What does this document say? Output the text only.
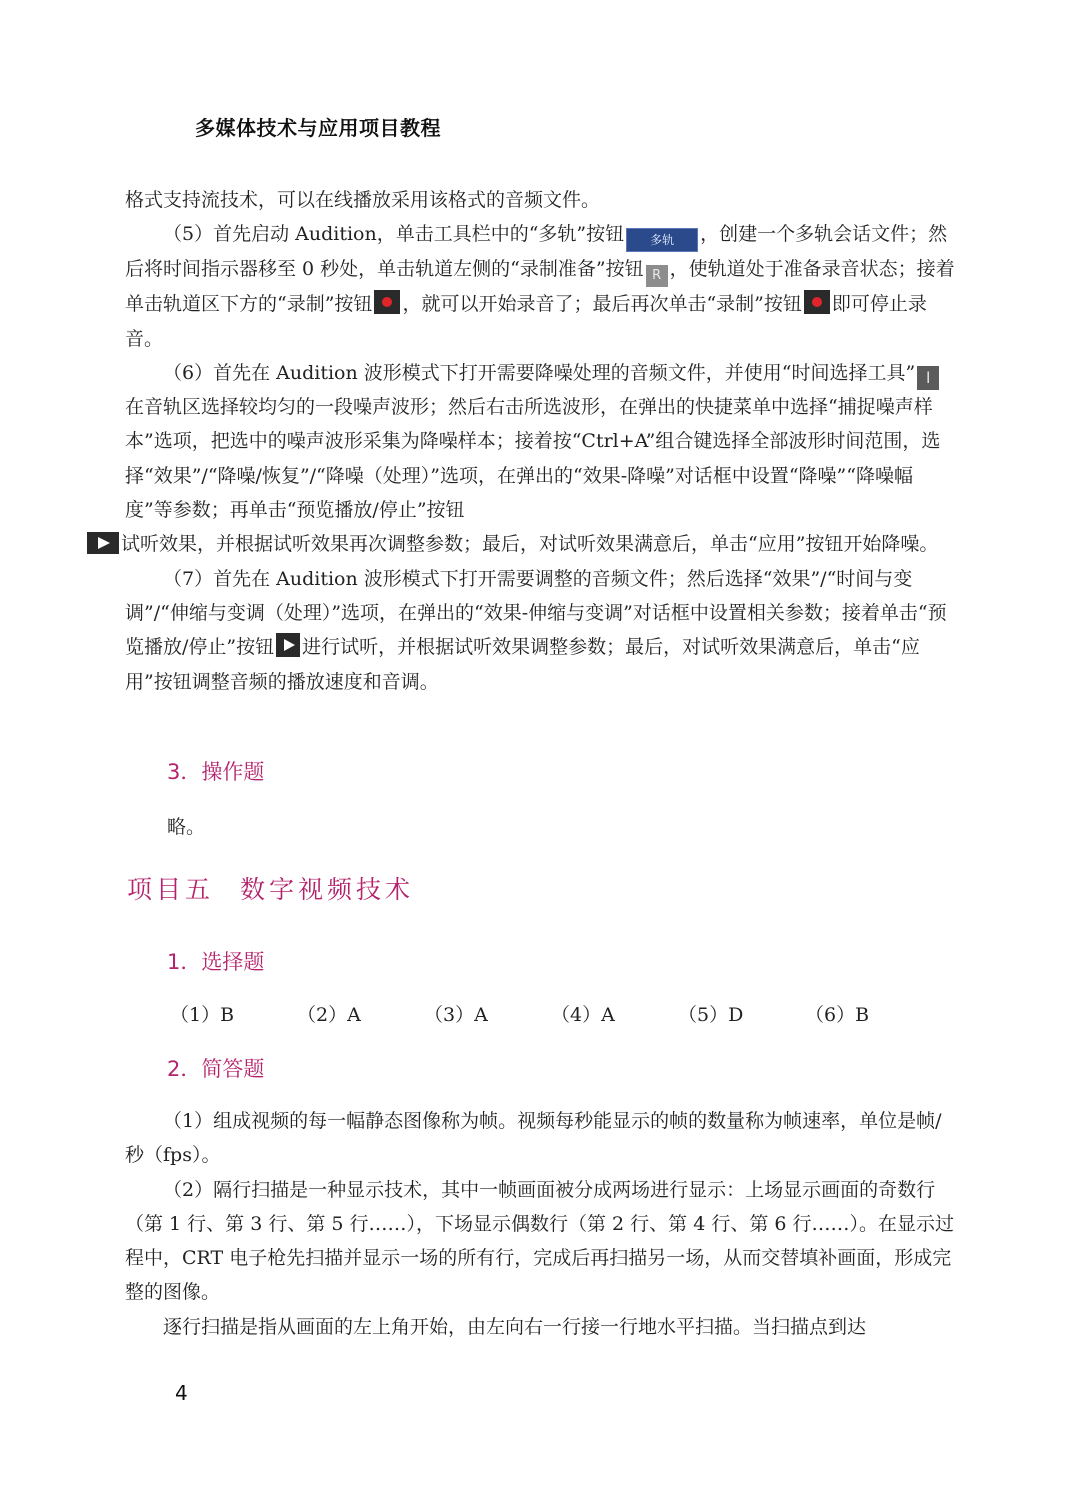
多媒体技术与应用项目教程

格式支持流技术，可以在线播放采用该格式的音频文件。

（5）首先启动 Audition，单击工具栏中的“多轨”按钮 多轨 ，创建一个多轨会话文件；然后将时间指示器移至 0 秒处，单击轨道左侧的“录制准备”按钮 R ，使轨道处于准备录音状态；接着单击轨道区下方的“录制”按钮 ，就可以开始录音了；最后再次单击“录制”按钮 即可停止录音。

（6）首先在 Audition 波形模式下打开需要降噪处理的音频文件，并使用“时间选择工具” I在音轨区选择较均匀的一段噪声波形；然后右击所选波形，在弹出的快捷菜单中选择“捕捉噪声样本”选项，把选中的噪声波形采集为降噪样本；接着按“Ctrl+A”组合键选择全部波形时间范围，选择“效果”/“降噪/恢复”/“降噪（处理）”选项，在弹出的“效果-降噪”对话框中设置“降噪”“降噪幅度”等参数；再单击“预览播放/停止”按钮
试听效果，并根据试听效果再次调整参数；最后，对试听效果满意后，单击“应用”按钮开始降噪。

（7）首先在 Audition 波形模式下打开需要调整的音频文件；然后选择“效果”/“时间与变调”/“伸缩与变调（处理）”选项，在弹出的“效果-伸缩与变调”对话框中设置相关参数；接着单击“预览播放/停止”按钮 进行试听，并根据试听效果调整参数；最后，对试听效果满意后，单击“应用”按钮调整音频的播放速度和音调。

3．操作题
略。
项目五 数字视频技术
1．选择题
（1）B	（2）A	（3）A	（4）A	（5）D	（6）B
2．简答题

（1）组成视频的每一幅静态图像称为帧。视频每秒能显示的帧的数量称为帧速率，单位是帧/秒（fps）。

（2）隔行扫描是一种显示技术，其中一帧画面被分成两场进行显示：上场显示画面的奇数行（第 1 行、第 3 行、第 5 行……），下场显示偶数行（第 2 行、第 4 行、第 6 行……）。在显示过程中，CRT 电子枪先扫描并显示一场的所有行，完成后再扫描另一场，从而交替填补画面，形成完整的图像。

逐行扫描是指从画面的左上角开始，由左向右一行接一行地水平扫描。当扫描点到达

4
